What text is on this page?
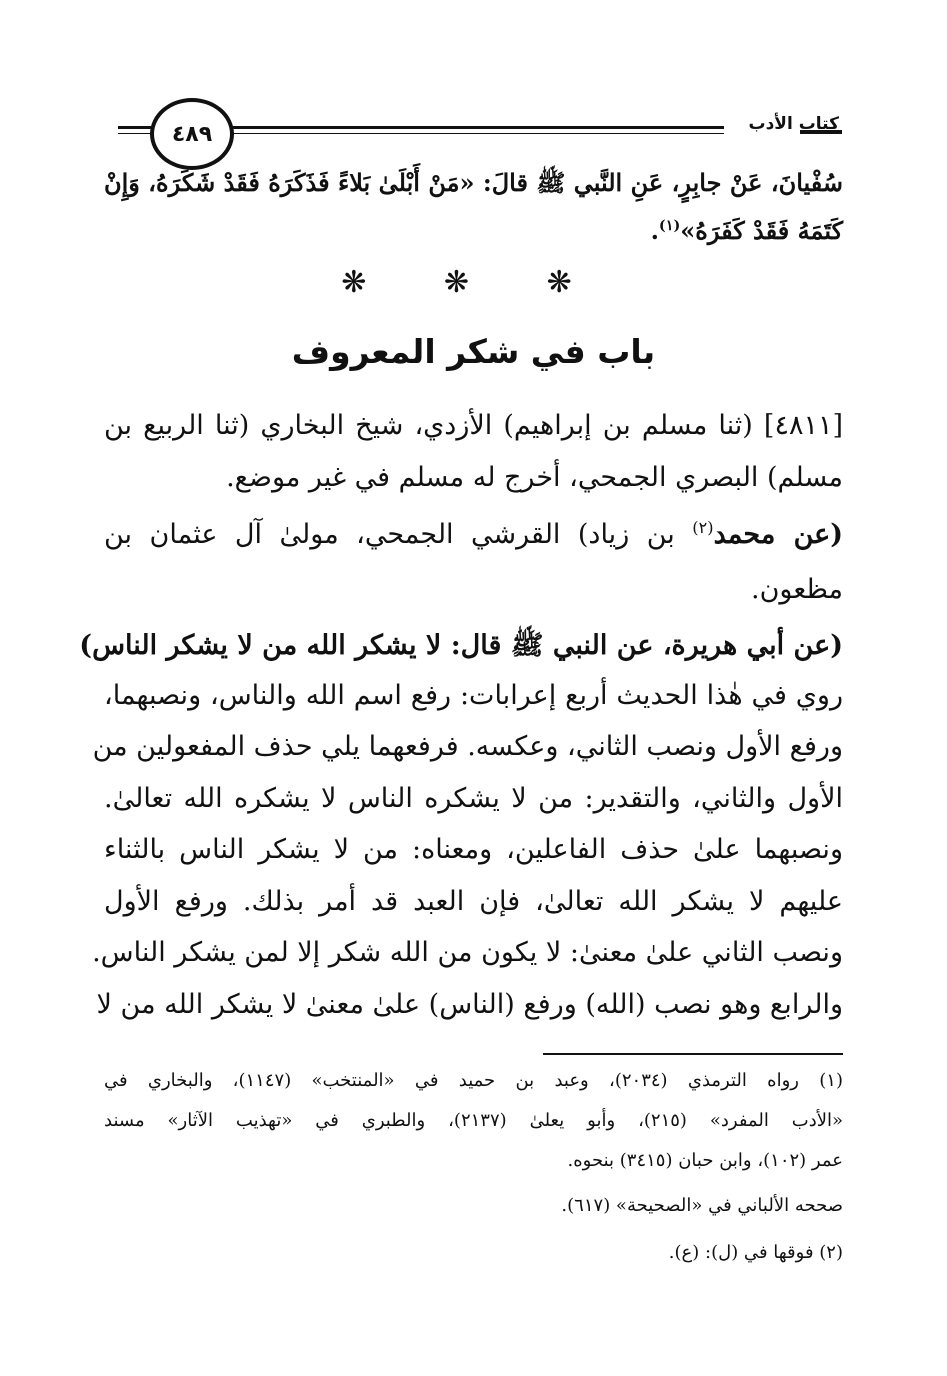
٤٨٩	كتاب الأدب
سُفْيانَ، عَنْ جابِرٍ، عَنِ النَّبي ﷺ قالَ: «مَنْ أَبْلَىٰ بَلاءً فَذَكَرَهُ فَقَدْ شَكَرَهُ، وَإِنْ
كَتَمَهُ فَقَدْ كَفَرَهُ»$^{(١)}$.
❋ ❋ ❋
باب في شكر المعروف
[٤٨١١] (ثنا مسلم بن إبراهيم) الأزدي، شيخ البخاري (ثنا الربيع بن
مسلم) البصري الجمحي، أخرج له مسلم في غير موضع.
(عن محمد$^{(٢)}$ بن زياد) القرشي الجمحي، مولىٰ آل عثمان بن
مظعون.
(عن أبي هريرة، عن النبي ﷺ قال: لا يشكر الله من لا يشكر الناس)
روي في هٰذا الحديث أربع إعرابات: رفع اسم الله والناس، ونصبهما،
ورفع الأول ونصب الثاني، وعكسه. فرفعهما يلي حذف المفعولين من
الأول والثاني، والتقدير: من لا يشكره الناس لا يشكره الله تعالىٰ.
ونصبهما علىٰ حذف الفاعلين، ومعناه: من لا يشكر الناس بالثناء
عليهم لا يشكر الله تعالىٰ، فإن العبد قد أمر بذلك. ورفع الأول
ونصب الثاني علىٰ معنىٰ: لا يكون من الله شكر إلا لمن يشكر الناس.
والرابع وهو نصب (الله) ورفع (الناس) علىٰ معنىٰ لا يشكر الله من لا
(١) رواه الترمذي (٢٠٣٤)، وعبد بن حميد في «المنتخب» (١١٤٧)، والبخاري في
«الأدب المفرد» (٢١٥)، وأبو يعلىٰ (٢١٣٧)، والطبري في «تهذيب الآثار» مسند
عمر (١٠٢)، وابن حبان (٣٤١٥) بنحوه.
صححه الألباني في «الصحيحة» (٦١٧).
(٢) فوقها في (ل): (ع).
